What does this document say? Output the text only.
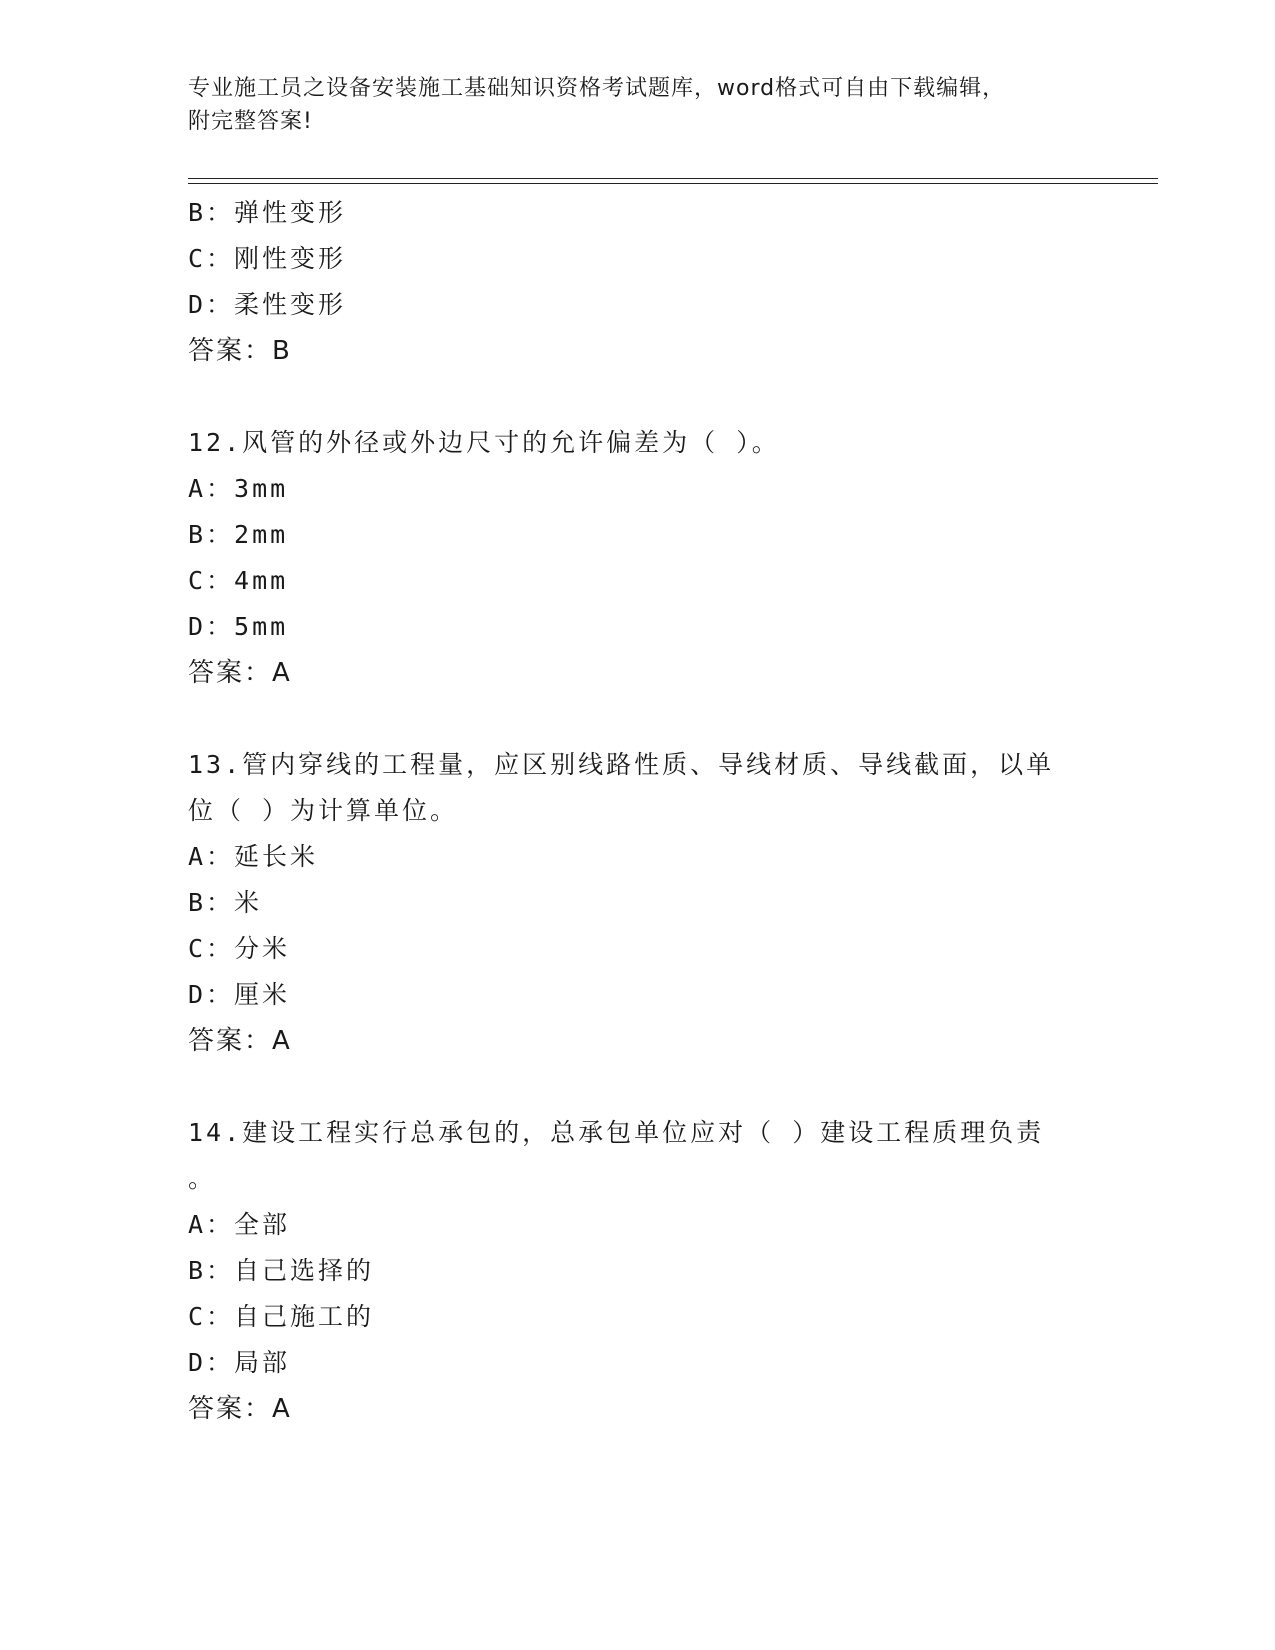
专业施工员之设备安装施工基础知识资格考试题库，word格式可自由下载编辑，
附完整答案!
B：弹性变形
C：刚性变形
D：柔性变形
答案：B
12.风管的外径或外边尺寸的允许偏差为（ ）。
A：3mm
B：2mm
C：4mm
D：5mm
答案：A
13.管内穿线的工程量，应区别线路性质、导线材质、导线截面，以单
位（ ）为计算单位。
A：延长米
B：米
C：分米
D：厘米
答案：A
14.建设工程实行总承包的，总承包单位应对（ ）建设工程质理负责
。
A：全部
B：自己选择的
C：自己施工的
D：局部
答案：A
